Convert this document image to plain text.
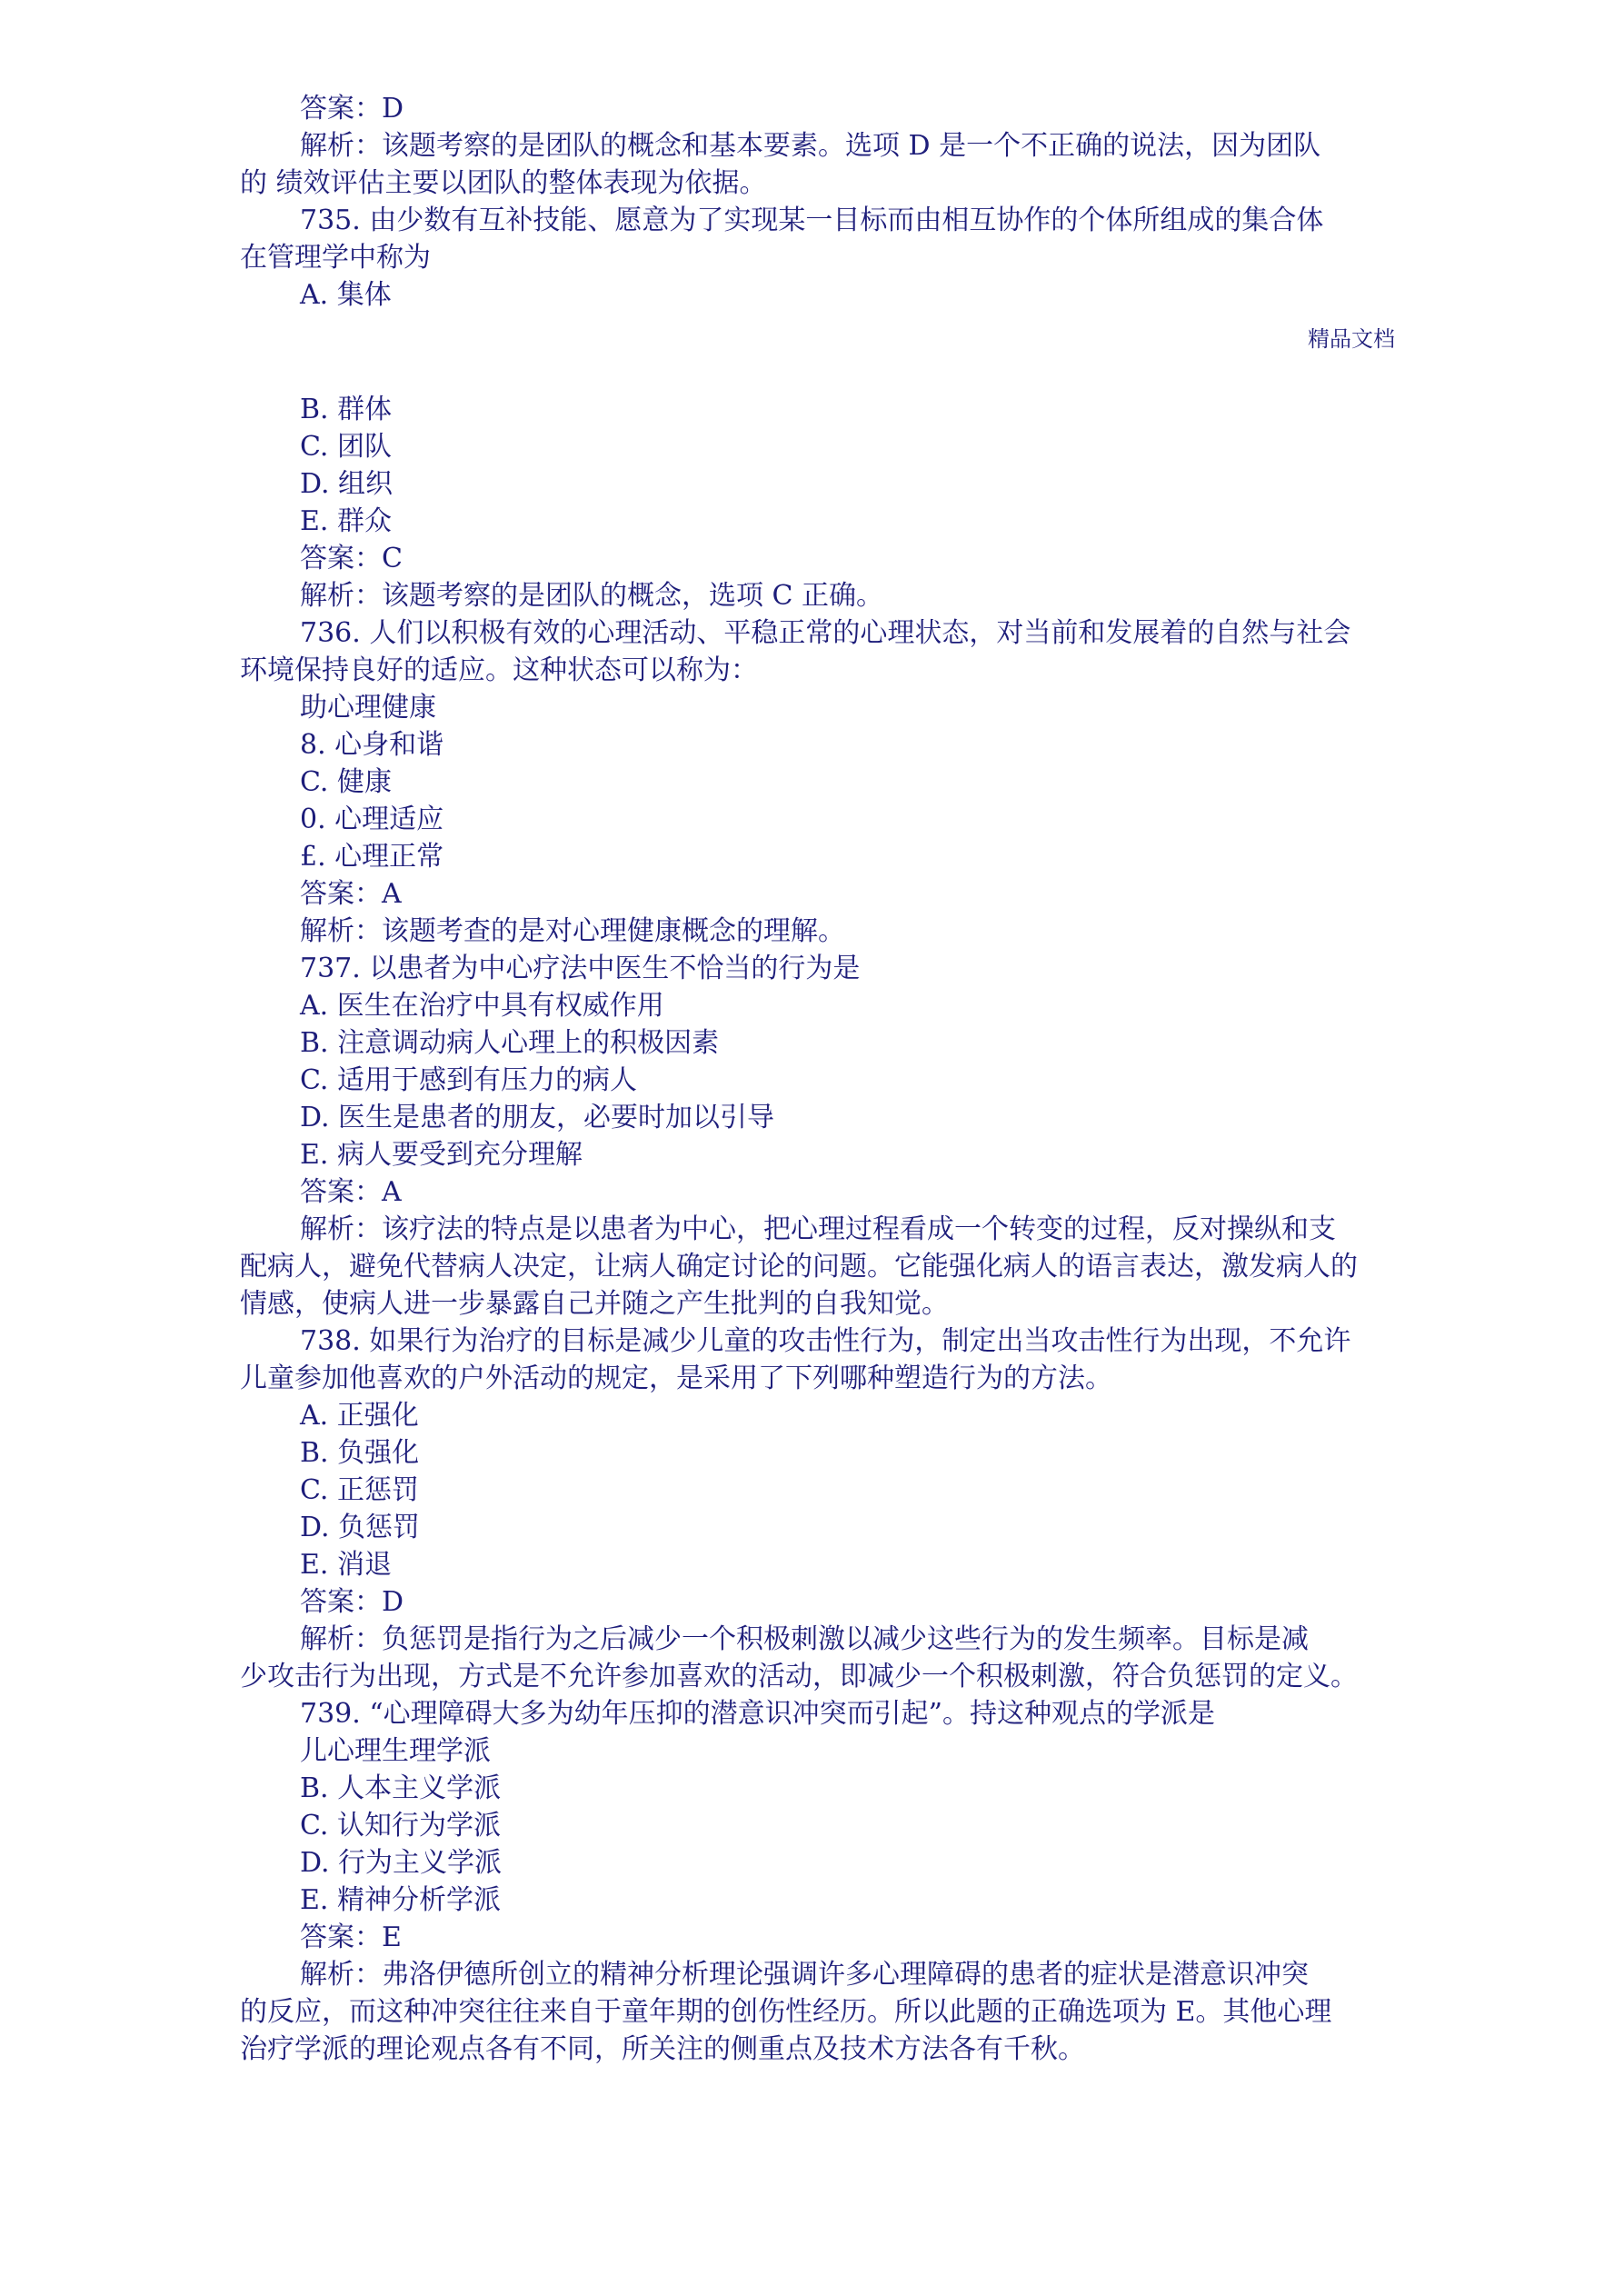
答案：D
解析：该题考察的是团队的概念和基本要素。选项 D 是一个不正确的说法，因为团队
的 绩效评估主要以团队的整体表现为依据。
735. 由少数有互补技能、愿意为了实现某一目标而由相互协作的个体所组成的集合体
在管理学中称为
A. 集体
精品文档
B. 群体
C. 团队
D. 组织
E. 群众
答案：C
解析：该题考察的是团队的概念，选项 C 正确。
736. 人们以积极有效的心理活动、平稳正常的心理状态，对当前和发展着的自然与社会
环境保持良好的适应。这种状态可以称为：
助心理健康
8. 心身和谐
C. 健康
0. 心理适应
£. 心理正常
答案：A
解析：该题考查的是对心理健康概念的理解。
737. 以患者为中心疗法中医生不恰当的行为是
A. 医生在治疗中具有权威作用
B. 注意调动病人心理上的积极因素
C. 适用于感到有压力的病人
D. 医生是患者的朋友，必要时加以引导
E. 病人要受到充分理解
答案：A
解析：该疗法的特点是以患者为中心，把心理过程看成一个转变的过程，反对操纵和支
配病人，避免代替病人决定，让病人确定讨论的问题。它能强化病人的语言表达，激发病人的
情感，使病人进一步暴露自己并随之产生批判的自我知觉。
738. 如果行为治疗的目标是减少儿童的攻击性行为，制定出当攻击性行为出现，不允许
儿童参加他喜欢的户外活动的规定，是采用了下列哪种塑造行为的方法。
A. 正强化
B. 负强化
C. 正惩罚
D. 负惩罚
E. 消退
答案：D
解析：负惩罚是指行为之后减少一个积极刺激以减少这些行为的发生频率。目标是减
少攻击行为出现，方式是不允许参加喜欢的活动，即减少一个积极刺激，符合负惩罚的定义。
739. “心理障碍大多为幼年压抑的潜意识冲突而引起”。持这种观点的学派是
儿心理生理学派
B. 人本主义学派
C. 认知行为学派
D. 行为主义学派
E. 精神分析学派
答案：E
解析：弗洛伊德所创立的精神分析理论强调许多心理障碍的患者的症状是潜意识冲突
的反应，而这种冲突往往来自于童年期的创伤性经历。所以此题的正确选项为 E。其他心理
治疗学派的理论观点各有不同，所关注的侧重点及技术方法各有千秋。
